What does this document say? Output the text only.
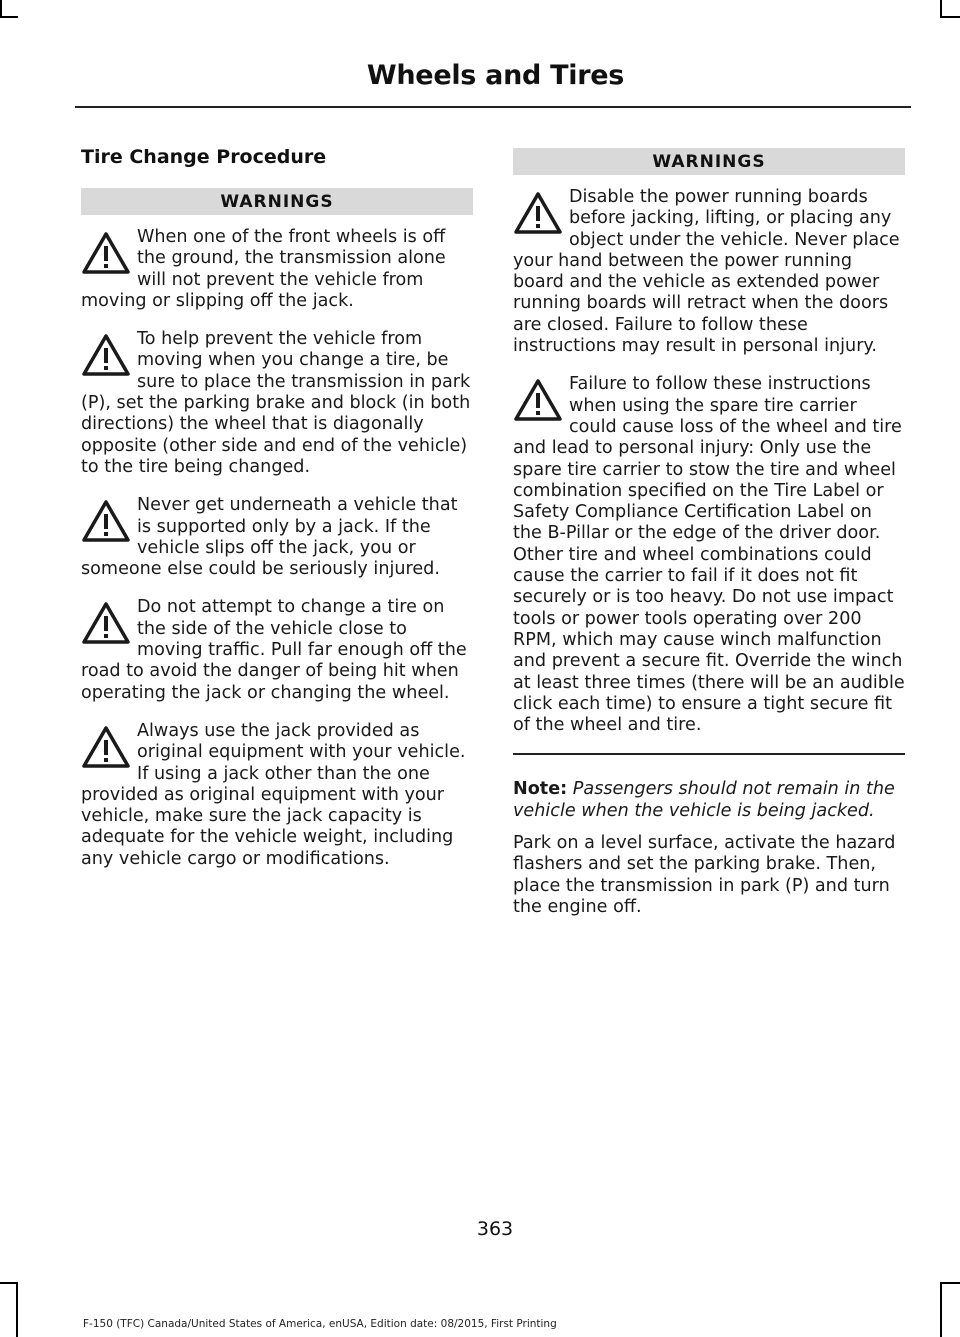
Wheels and Tires
Tire Change Procedure
WARNINGS
When one of the front wheels is off the ground, the transmission alone will not prevent the vehicle from moving or slipping off the jack.
To help prevent the vehicle from moving when you change a tire, be sure to place the transmission in park (P), set the parking brake and block (in both directions) the wheel that is diagonally opposite (other side and end of the vehicle) to the tire being changed.
Never get underneath a vehicle that is supported only by a jack. If the vehicle slips off the jack, you or someone else could be seriously injured.
Do not attempt to change a tire on the side of the vehicle close to moving traffic. Pull far enough off the road to avoid the danger of being hit when operating the jack or changing the wheel.
Always use the jack provided as original equipment with your vehicle. If using a jack other than the one provided as original equipment with your vehicle, make sure the jack capacity is adequate for the vehicle weight, including any vehicle cargo or modifications.
WARNINGS
Disable the power running boards before jacking, lifting, or placing any object under the vehicle. Never place your hand between the power running board and the vehicle as extended power running boards will retract when the doors are closed. Failure to follow these instructions may result in personal injury.
Failure to follow these instructions when using the spare tire carrier could cause loss of the wheel and tire and lead to personal injury: Only use the spare tire carrier to stow the tire and wheel combination specified on the Tire Label or Safety Compliance Certification Label on the B-Pillar or the edge of the driver door. Other tire and wheel combinations could cause the carrier to fail if it does not fit securely or is too heavy. Do not use impact tools or power tools operating over 200 RPM, which may cause winch malfunction and prevent a secure fit. Override the winch at least three times (there will be an audible click each time) to ensure a tight secure fit of the wheel and tire.

Note: Passengers should not remain in the vehicle when the vehicle is being jacked.

Park on a level surface, activate the hazard flashers and set the parking brake. Then, place the transmission in park (P) and turn the engine off.

363
F-150 (TFC) Canada/United States of America, enUSA, Edition date: 08/2015, First Printing
